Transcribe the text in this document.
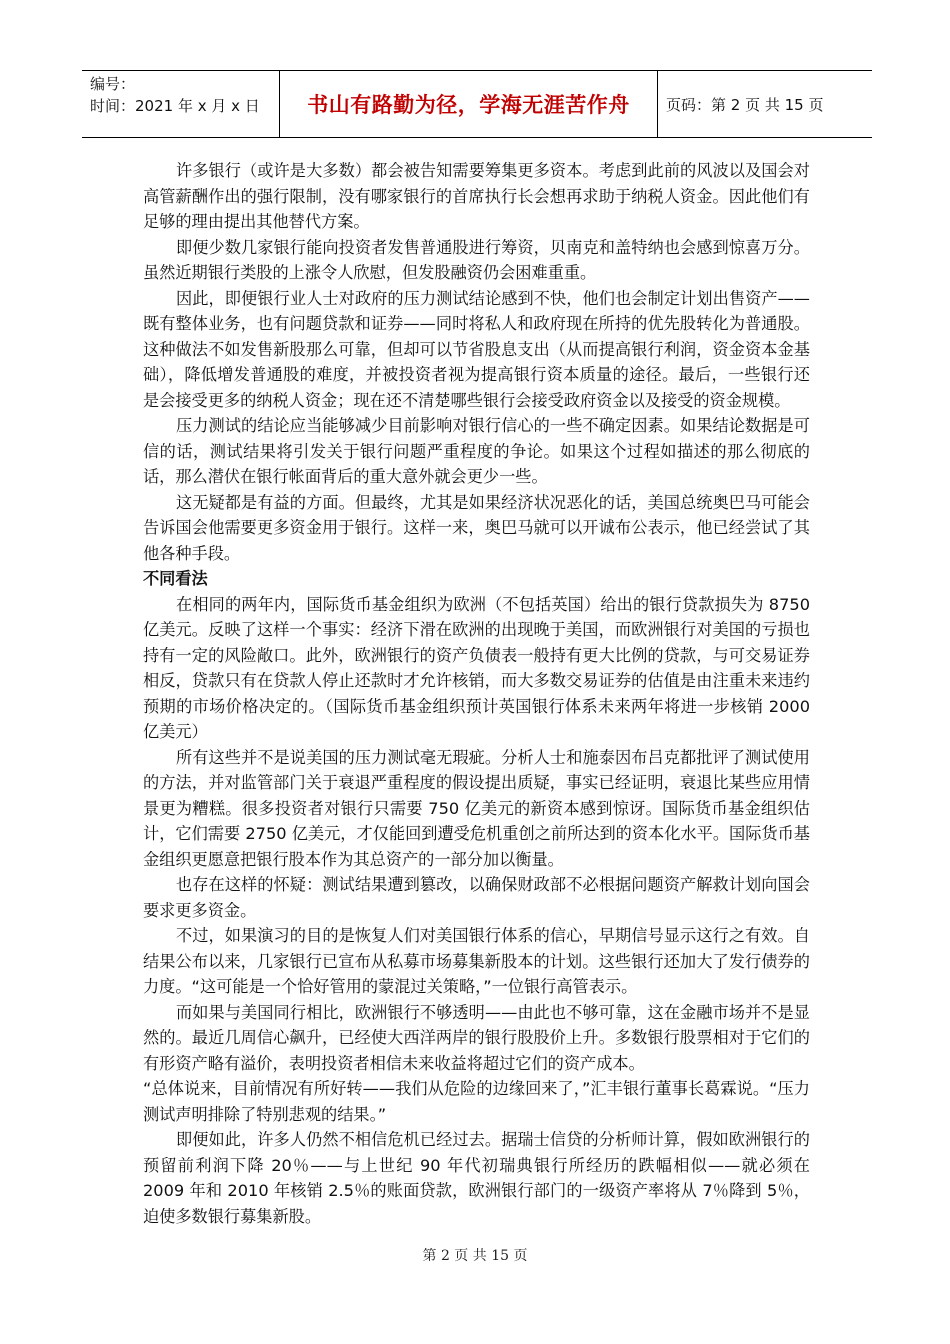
编号：
时间：2021 年 x 月 x 日	书山有路勤为径，学海无涯苦作舟	页码：第 2 页 共 15 页

许多银行（或许是大多数）都会被告知需要筹集更多资本。考虑到此前的风波以及国会对高管薪酬作出的强行限制，没有哪家银行的首席执行长会想再求助于纳税人资金。因此他们有足够的理由提出其他替代方案。

即便少数几家银行能向投资者发售普通股进行筹资，贝南克和盖特纳也会感到惊喜万分。虽然近期银行类股的上涨令人欣慰，但发股融资仍会困难重重。

因此，即便银行业人士对政府的压力测试结论感到不快，他们也会制定计划出售资产——既有整体业务，也有问题贷款和证券——同时将私人和政府现在所持的优先股转化为普通股。这种做法不如发售新股那么可靠，但却可以节省股息支出（从而提高银行利润，资金资本金基础），降低增发普通股的难度，并被投资者视为提高银行资本质量的途径。最后，一些银行还是会接受更多的纳税人资金；现在还不清楚哪些银行会接受政府资金以及接受的资金规模。

压力测试的结论应当能够减少目前影响对银行信心的一些不确定因素。如果结论数据是可信的话，测试结果将引发关于银行问题严重程度的争论。如果这个过程如描述的那么彻底的话，那么潜伏在银行帐面背后的重大意外就会更少一些。

这无疑都是有益的方面。但最终，尤其是如果经济状况恶化的话，美国总统奥巴马可能会告诉国会他需要更多资金用于银行。这样一来，奥巴马就可以开诚布公表示，他已经尝试了其他各种手段。

不同看法

在相同的两年内，国际货币基金组织为欧洲（不包括英国）给出的银行贷款损失为 8750 亿美元。反映了这样一个事实：经济下滑在欧洲的出现晚于美国，而欧洲银行对美国的亏损也持有一定的风险敞口。此外，欧洲银行的资产负债表一般持有更大比例的贷款，与可交易证券相反，贷款只有在贷款人停止还款时才允许核销，而大多数交易证券的估值是由注重未来违约预期的市场价格决定的。（国际货币基金组织预计英国银行体系未来两年将进一步核销 2000 亿美元）

所有这些并不是说美国的压力测试毫无瑕疵。分析人士和施泰因布吕克都批评了测试使用的方法，并对监管部门关于衰退严重程度的假设提出质疑，事实已经证明，衰退比某些应用情景更为糟糕。很多投资者对银行只需要 750 亿美元的新资本感到惊讶。国际货币基金组织估计，它们需要 2750 亿美元，才仅能回到遭受危机重创之前所达到的资本化水平。国际货币基金组织更愿意把银行股本作为其总资产的一部分加以衡量。

也存在这样的怀疑：测试结果遭到篡改，以确保财政部不必根据问题资产解救计划向国会要求更多资金。

不过，如果演习的目的是恢复人们对美国银行体系的信心，早期信号显示这行之有效。自结果公布以来，几家银行已宣布从私募市场募集新股本的计划。这些银行还加大了发行债券的力度。“这可能是一个恰好管用的蒙混过关策略，”一位银行高管表示。

而如果与美国同行相比，欧洲银行不够透明——由此也不够可靠，这在金融市场并不是显然的。最近几周信心飙升，已经使大西洋两岸的银行股股价上升。多数银行股票相对于它们的有形资产略有溢价，表明投资者相信未来收益将超过它们的资产成本。

“总体说来，目前情况有所好转——我们从危险的边缘回来了，”汇丰银行董事长葛霖说。“压力测试声明排除了特别悲观的结果。”

即便如此，许多人仍然不相信危机已经过去。据瑞士信贷的分析师计算，假如欧洲银行的预留前利润下降 20％——与上世纪 90 年代初瑞典银行所经历的跌幅相似——就必须在 2009 年和 2010 年核销 2.5％的账面贷款，欧洲银行部门的一级资产率将从 7％降到 5％，迫使多数银行募集新股。

第 2 页 共 15 页
